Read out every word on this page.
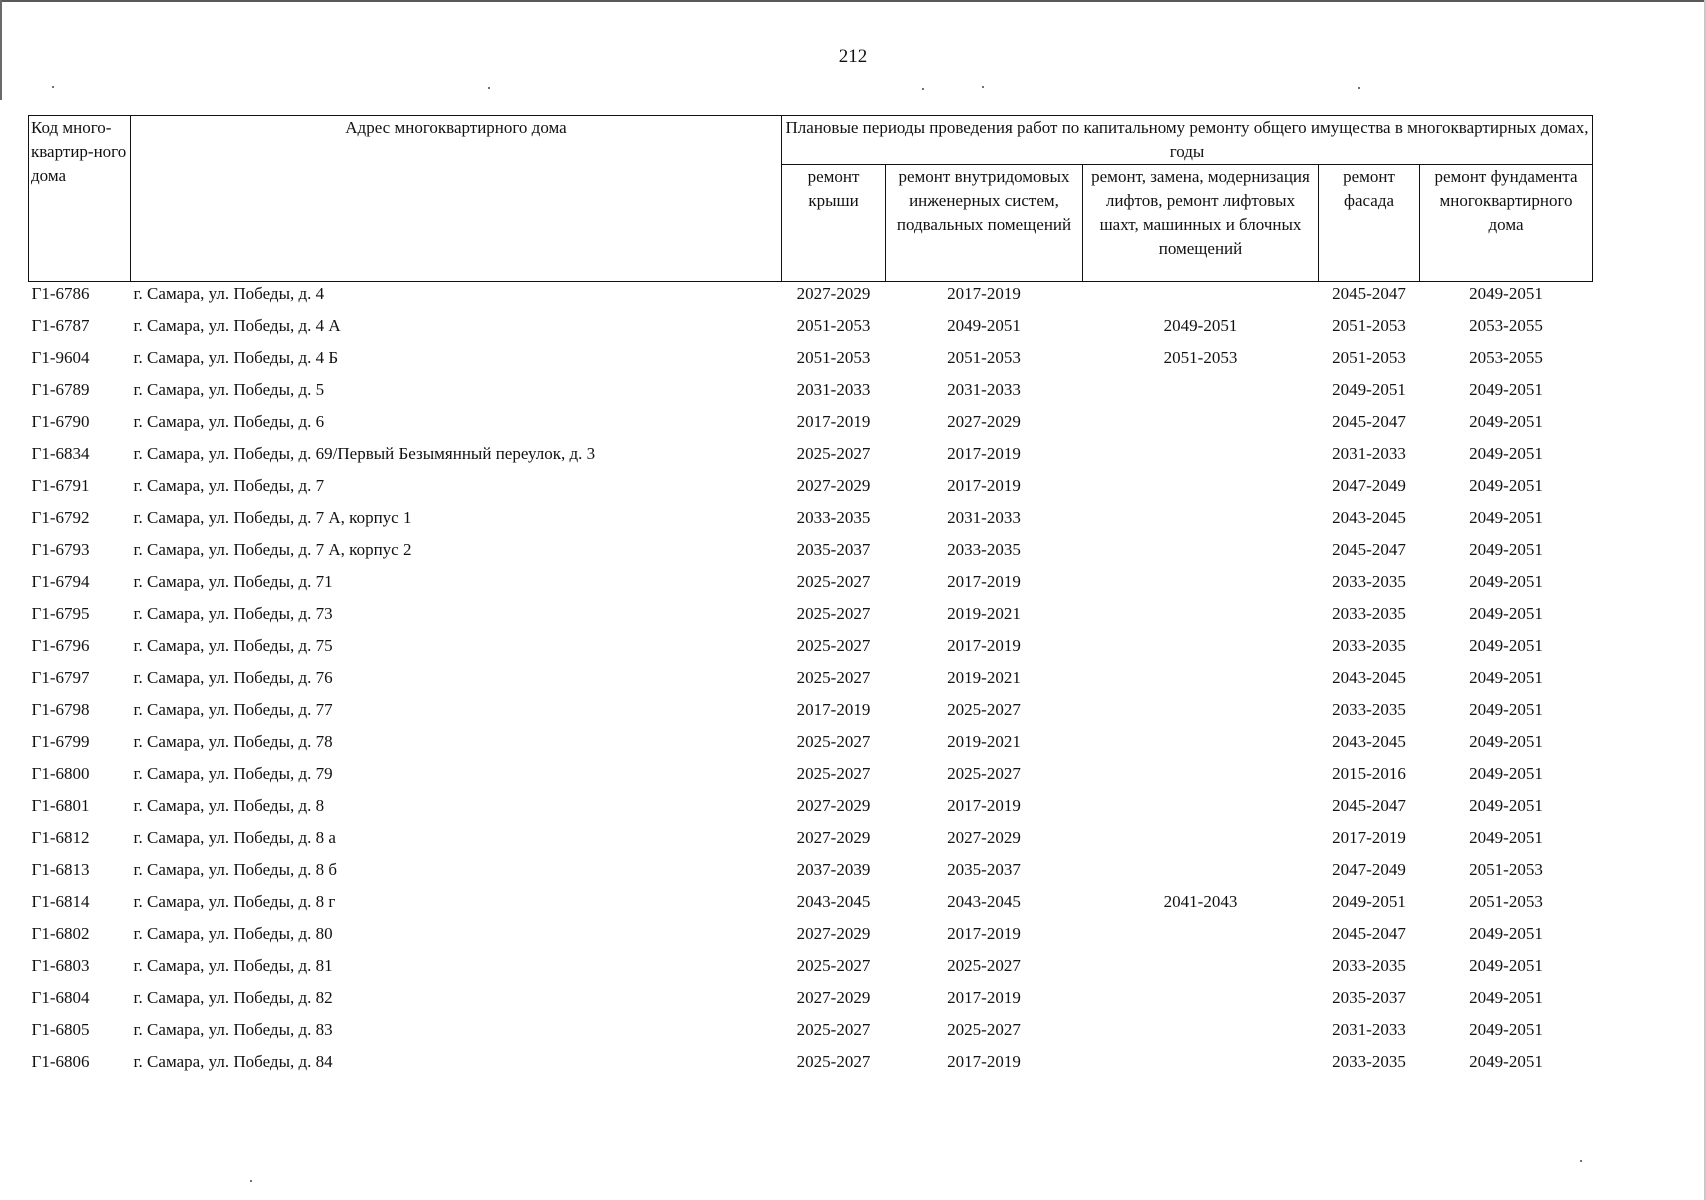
212
Код много-квартир-ного дома	Адрес многоквартирного дома	Плановые периоды проведения работ по капитальному ремонту общего имущества в многоквартирных домах, годы				
		ремонт крыши	ремонт внутридомовых инженерных систем, подвальных помещений	ремонт, замена, модернизация лифтов, ремонт лифтовых шахт, машинных и блочных помещений	ремонт фасада	ремонт фундамента многоквартирного дома
Г1-6786	г. Самара, ул. Победы, д. 4	2027-2029	2017-2019		2045-2047	2049-2051
Г1-6787	г. Самара, ул. Победы, д. 4 А	2051-2053	2049-2051	2049-2051	2051-2053	2053-2055
Г1-9604	г. Самара, ул. Победы, д. 4 Б	2051-2053	2051-2053	2051-2053	2051-2053	2053-2055
Г1-6789	г. Самара, ул. Победы, д. 5	2031-2033	2031-2033		2049-2051	2049-2051
Г1-6790	г. Самара, ул. Победы, д. 6	2017-2019	2027-2029		2045-2047	2049-2051
Г1-6834	г. Самара, ул. Победы, д. 69/Первый Безымянный переулок, д. 3	2025-2027	2017-2019		2031-2033	2049-2051
Г1-6791	г. Самара, ул. Победы, д. 7	2027-2029	2017-2019		2047-2049	2049-2051
Г1-6792	г. Самара, ул. Победы, д. 7 А, корпус 1	2033-2035	2031-2033		2043-2045	2049-2051
Г1-6793	г. Самара, ул. Победы, д. 7 А, корпус 2	2035-2037	2033-2035		2045-2047	2049-2051
Г1-6794	г. Самара, ул. Победы, д. 71	2025-2027	2017-2019		2033-2035	2049-2051
Г1-6795	г. Самара, ул. Победы, д. 73	2025-2027	2019-2021		2033-2035	2049-2051
Г1-6796	г. Самара, ул. Победы, д. 75	2025-2027	2017-2019		2033-2035	2049-2051
Г1-6797	г. Самара, ул. Победы, д. 76	2025-2027	2019-2021		2043-2045	2049-2051
Г1-6798	г. Самара, ул. Победы, д. 77	2017-2019	2025-2027		2033-2035	2049-2051
Г1-6799	г. Самара, ул. Победы, д. 78	2025-2027	2019-2021		2043-2045	2049-2051
Г1-6800	г. Самара, ул. Победы, д. 79	2025-2027	2025-2027		2015-2016	2049-2051
Г1-6801	г. Самара, ул. Победы, д. 8	2027-2029	2017-2019		2045-2047	2049-2051
Г1-6812	г. Самара, ул. Победы, д. 8 а	2027-2029	2027-2029		2017-2019	2049-2051
Г1-6813	г. Самара, ул. Победы, д. 8 б	2037-2039	2035-2037		2047-2049	2051-2053
Г1-6814	г. Самара, ул. Победы, д. 8 г	2043-2045	2043-2045	2041-2043	2049-2051	2051-2053
Г1-6802	г. Самара, ул. Победы, д. 80	2027-2029	2017-2019		2045-2047	2049-2051
Г1-6803	г. Самара, ул. Победы, д. 81	2025-2027	2025-2027		2033-2035	2049-2051
Г1-6804	г. Самара, ул. Победы, д. 82	2027-2029	2017-2019		2035-2037	2049-2051
Г1-6805	г. Самара, ул. Победы, д. 83	2025-2027	2025-2027		2031-2033	2049-2051
Г1-6806	г. Самара, ул. Победы, д. 84	2025-2027	2017-2019		2033-2035	2049-2051
